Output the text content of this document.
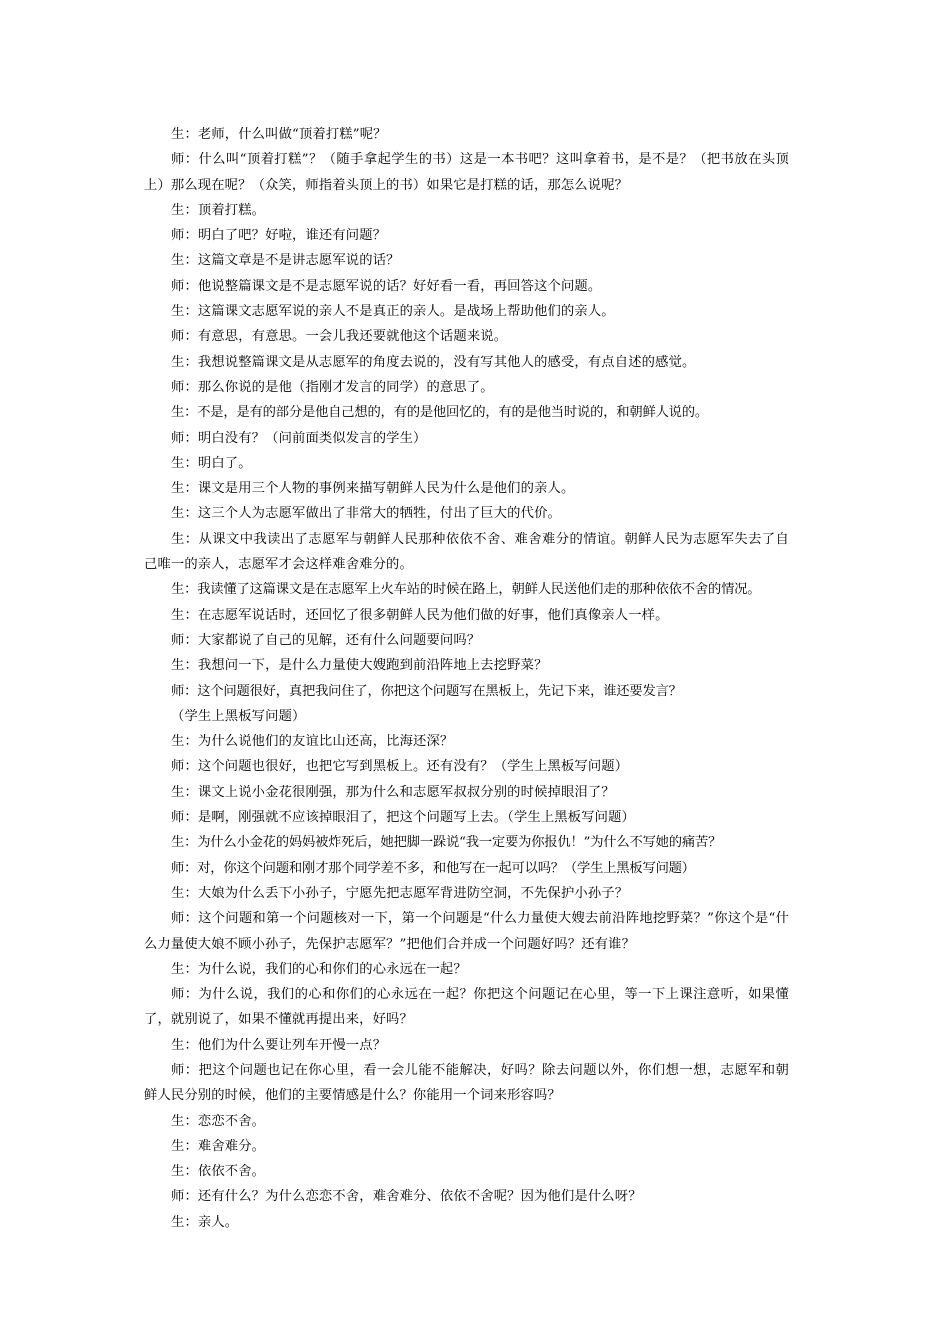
生：老师，什么叫做“顶着打糕”呢？

师：什么叫“顶着打糕”？（随手拿起学生的书）这是一本书吧？这叫拿着书，是不是？（把书放在头顶上）那么现在呢？（众笑，师指着头顶上的书）如果它是打糕的话，那怎么说呢？

生：顶着打糕。

师：明白了吧？好啦，谁还有问题？

生：这篇文章是不是讲志愿军说的话？

师：他说整篇课文是不是志愿军说的话？好好看一看，再回答这个问题。

生：这篇课文志愿军说的亲人不是真正的亲人。是战场上帮助他们的亲人。

师：有意思，有意思。一会儿我还要就他这个话题来说。

生：我想说整篇课文是从志愿军的角度去说的，没有写其他人的感受，有点自述的感觉。

师：那么你说的是他（指刚才发言的同学）的意思了。

生：不是，是有的部分是他自己想的，有的是他回忆的，有的是他当时说的，和朝鲜人说的。

师：明白没有？（问前面类似发言的学生）

生：明白了。

生：课文是用三个人物的事例来描写朝鲜人民为什么是他们的亲人。

生：这三个人为志愿军做出了非常大的牺牲，付出了巨大的代价。

生：从课文中我读出了志愿军与朝鲜人民那种依依不舍、难舍难分的情谊。朝鲜人民为志愿军失去了自己唯一的亲人，志愿军才会这样难舍难分的。

生：我读懂了这篇课文是在志愿军上火车站的时候在路上，朝鲜人民送他们走的那种依依不舍的情况。

生：在志愿军说话时，还回忆了很多朝鲜人民为他们做的好事，他们真像亲人一样。

师：大家都说了自己的见解，还有什么问题要问吗？

生：我想问一下，是什么力量使大嫂跑到前沿阵地上去挖野菜？

师：这个问题很好，真把我问住了，你把这个问题写在黑板上，先记下来，谁还要发言？

（学生上黑板写问题）

生：为什么说他们的友谊比山还高，比海还深？

师：这个问题也很好，也把它写到黑板上。还有没有？（学生上黑板写问题）

生：课文上说小金花很刚强，那为什么和志愿军叔叔分别的时候掉眼泪了？

师：是啊，刚强就不应该掉眼泪了，把这个问题写上去。（学生上黑板写问题）

生：为什么小金花的妈妈被炸死后，她把脚一跺说“我一定要为你报仇！”为什么不写她的痛苦？

师：对，你这个问题和刚才那个同学差不多，和他写在一起可以吗？（学生上黑板写问题）

生：大娘为什么丢下小孙子，宁愿先把志愿军背进防空洞，不先保护小孙子？

师：这个问题和第一个问题核对一下，第一个问题是“什么力量使大嫂去前沿阵地挖野菜？”你这个是“什么力量使大娘不顾小孙子，先保护志愿军？”把他们合并成一个问题好吗？还有谁？

生：为什么说，我们的心和你们的心永远在一起？

师：为什么说，我们的心和你们的心永远在一起？你把这个问题记在心里，等一下上课注意听，如果懂了，就别说了，如果不懂就再提出来，好吗？

生：他们为什么要让列车开慢一点？

师：把这个问题也记在你心里，看一会儿能不能解决，好吗？除去问题以外，你们想一想，志愿军和朝鲜人民分别的时候，他们的主要情感是什么？你能用一个词来形容吗？

生：恋恋不舍。

生：难舍难分。

生：依依不舍。

师：还有什么？为什么恋恋不舍，难舍难分、依依不舍呢？因为他们是什么呀？

生：亲人。
